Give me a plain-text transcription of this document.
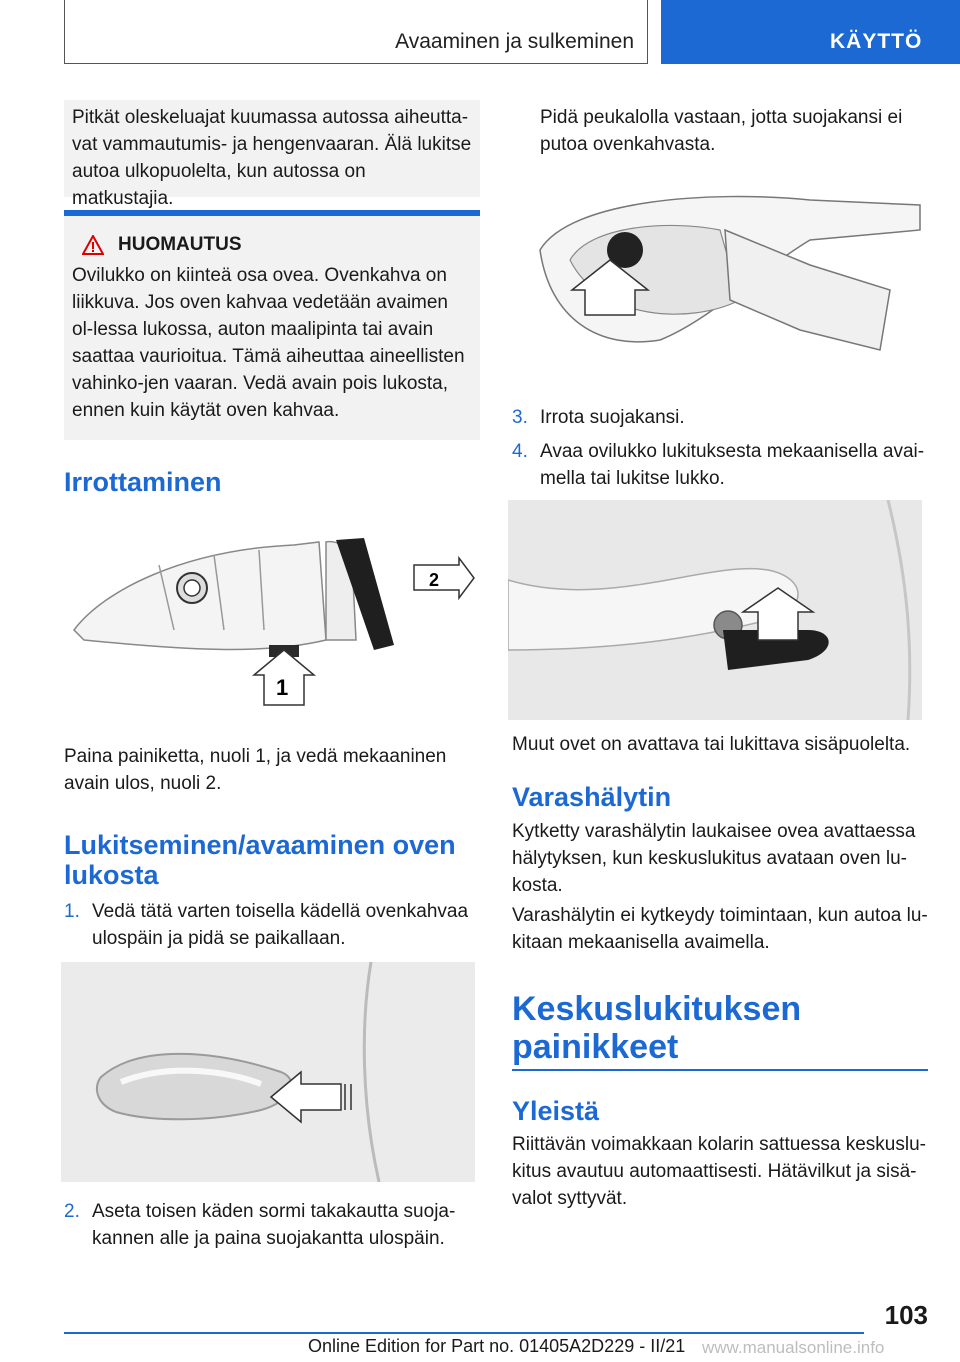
Avaaminen ja sulkeminen	KÄYTTÖ

Pitkät oleskeluajat kuumassa autossa aiheutta-vat vammautumis- ja hengenvaaran. Älä lukitse autoa ulkopuolelta, kun autossa on matkustajia.

HUOMAUTUS

Ovilukko on kiinteä osa ovea. Ovenkahva on liikkuva. Jos oven kahvaa vedetään avaimen ol-lessa lukossa, auton maalipinta tai avain saattaa vaurioitua. Tämä aiheuttaa aineellisten vahinko-jen vaaran. Vedä avain pois lukosta, ennen kuin käytät oven kahvaa.

Irrottaminen
2
1

Paina painiketta, nuoli 1, ja vedä mekaaninen avain ulos, nuoli 2.

Lukitseminen/avaaminen oven lukosta
1. Vedä tätä varten toisella kädellä ovenkahvaa ulospäin ja pidä se paikallaan.
2. Aseta toisen käden sormi takakautta suoja-kannen alle ja paina suojakantta ulospäin.

Pidä peukalolla vastaan, jotta suojakansi ei putoa ovenkahvasta.

3. Irrota suojakansi.
4. Avaa ovilukko lukituksesta mekaanisella avai-mella tai lukitse lukko.

Muut ovet on avattava tai lukittava sisäpuolelta.

Varashälytin

Kytketty varashälytin laukaisee ovea avattaessa hälytyksen, kun keskuslukitus avataan oven lu-kosta.

Varashälytin ei kytkeydy toimintaan, kun autoa lu-kitaan mekaanisella avaimella.

Keskuslukituksen painikkeet
Yleistä

Riittävän voimakkaan kolarin sattuessa keskuslu-kitus avautuu automaattisesti. Hätävilkut ja sisä-valot syttyvät.

103
Online Edition for Part no. 01405A2D229 - II/21 www.manualsonline.info
